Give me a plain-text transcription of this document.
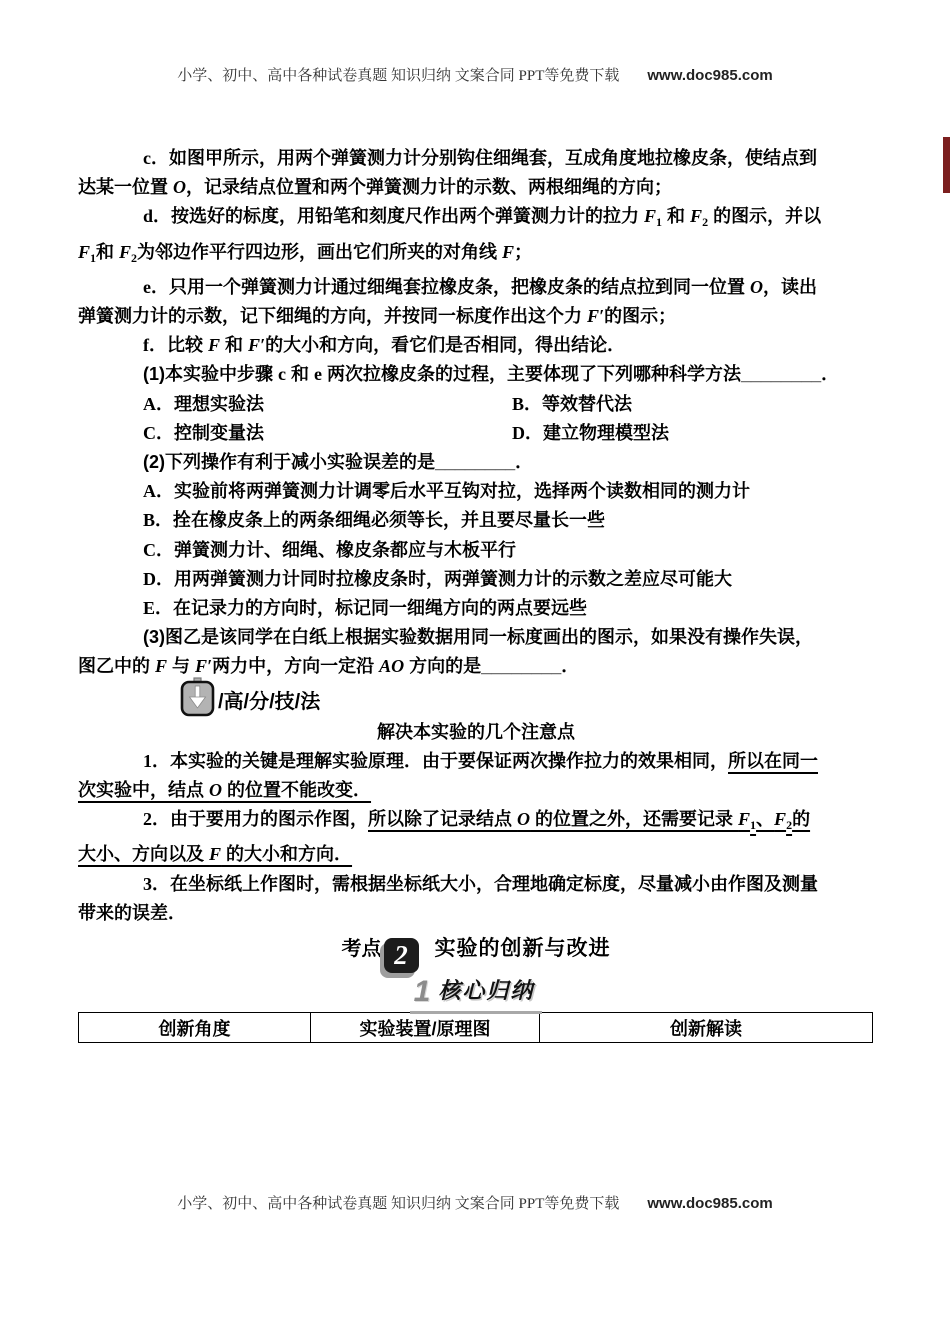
小学、初中、高中各种试卷真题 知识归纳 文案合同 PPT等免费下载 www.doc985.com
c．如图甲所示，用两个弹簧测力计分别钩住细绳套，互成角度地拉橡皮条，使结点到
达某一位置 O，记录结点位置和两个弹簧测力计的示数、两根细绳的方向；
d．按选好的标度，用铅笔和刻度尺作出两个弹簧测力计的拉力 $F_1$ 和 $F_2$ 的图示，并以
$F_1$和 $F_2$为邻边作平行四边形，画出它们所夹的对角线 F；
e．只用一个弹簧测力计通过细绳套拉橡皮条，把橡皮条的结点拉到同一位置 O，读出
弹簧测力计的示数，记下细绳的方向，并按同一标度作出这个力 F′的图示；
f．比较 F 和 F′的大小和方向，看它们是否相同，得出结论．
(1)本实验中步骤 c 和 e 两次拉橡皮条的过程，主要体现了下列哪种科学方法________．
A．理想实验法	B．等效替代法
C．控制变量法	D．建立物理模型法
(2)下列操作有利于减小实验误差的是________．
A．实验前将两弹簧测力计调零后水平互钩对拉，选择两个读数相同的测力计
B．拴在橡皮条上的两条细绳必须等长，并且要尽量长一些
C．弹簧测力计、细绳、橡皮条都应与木板平行
D．用两弹簧测力计同时拉橡皮条时，两弹簧测力计的示数之差应尽可能大
E．在记录力的方向时，标记同一细绳方向的两点要远些
(3)图乙是该同学在白纸上根据实验数据用同一标度画出的图示，如果没有操作失误，
图乙中的 F 与 F′两力中，方向一定沿 AO 方向的是________．
/高/分/技/法
解决本实验的几个注意点
1．本实验的关键是理解实验原理．由于要保证两次操作拉力的效果相同，所以在同一
次实验中，结点 O 的位置不能改变．
2．由于要用力的图示作图，所以除了记录结点 O 的位置之外，还需要记录 $F_1$、$F_2$的
大小、方向以及 F 的大小和方向．
3．在坐标纸上作图时，需根据坐标纸大小，合理地确定标度，尽量减小由作图及测量
带来的误差．
考点 2 实验的创新与改进
1 核心归纳
创新角度	实验装置/原理图	创新解读
小学、初中、高中各种试卷真题 知识归纳 文案合同 PPT等免费下载 www.doc985.com
